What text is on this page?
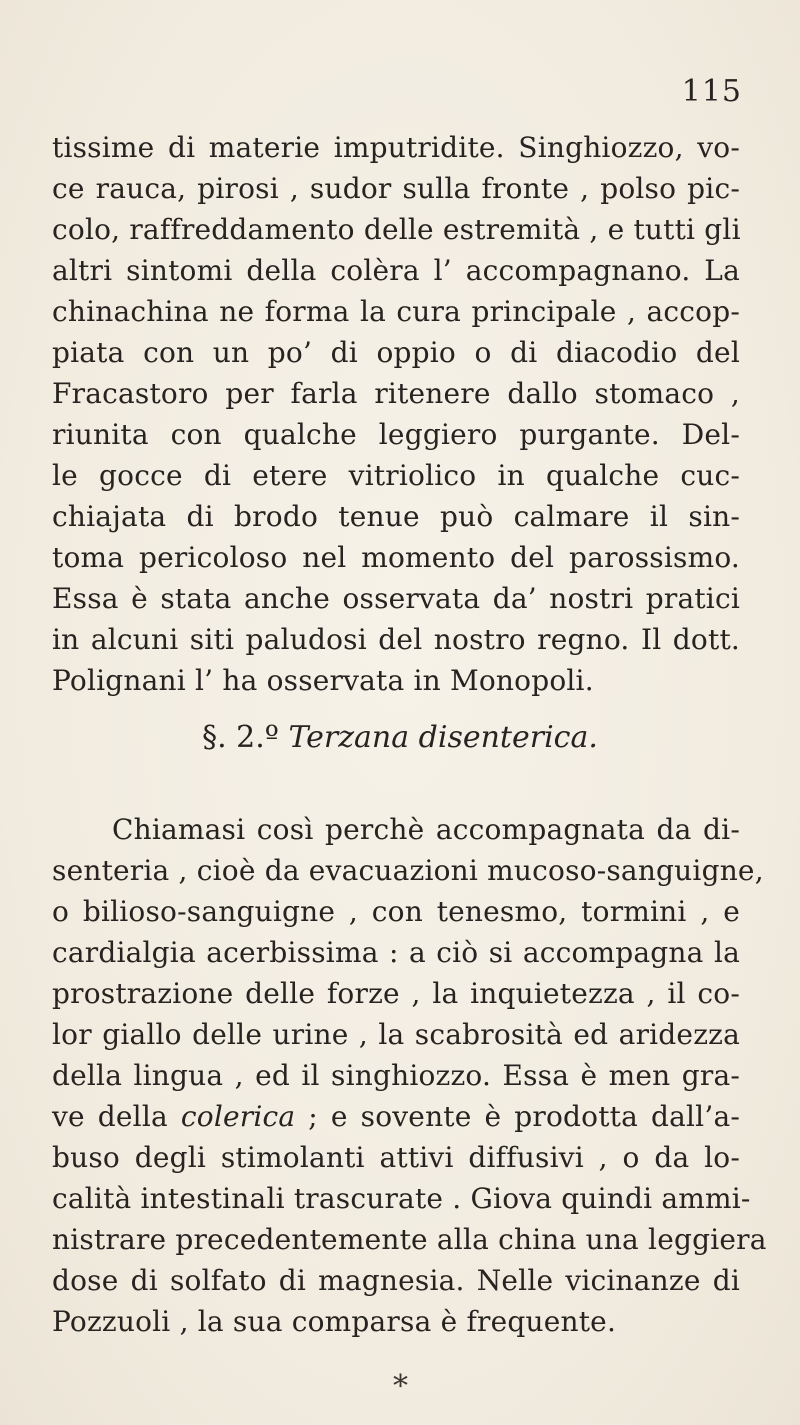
115
tissime di materie imputridite. Singhiozzo, vo-
ce rauca, pirosi , sudor sulla fronte , polso pic-
colo, raffreddamento delle estremità , e tutti gli
altri sintomi della colèra l’ accompagnano. La
chinachina ne forma la cura principale , accop-
piata con un po’ di oppio o di diacodio del
Fracastoro per farla ritenere dallo stomaco ,
riunita con qualche leggiero purgante. Del-
le gocce di etere vitriolico in qualche cuc-
chiajata di brodo tenue può calmare il sin-
toma pericoloso nel momento del parossismo.
Essa è stata anche osservata da’ nostri pratici
in alcuni siti paludosi del nostro regno. Il dott.
Polignani l’ ha osservata in Monopoli.
§. 2.º Terzana disenterica.
Chiamasi così perchè accompagnata da di-
senteria , cioè da evacuazioni mucoso-sanguigne,
o bilioso-sanguigne , con tenesmo, tormini , e
cardialgia acerbissima : a ciò si accompagna la
prostrazione delle forze , la inquietezza , il co-
lor giallo delle urine , la scabrosità ed aridezza
della lingua , ed il singhiozzo. Essa è men gra-
ve della colerica ; e sovente è prodotta dall’a-
buso degli stimolanti attivi diffusivi , o da lo-
calità intestinali trascurate . Giova quindi ammi-
nistrare precedentemente alla china una leggiera
dose di solfato di magnesia. Nelle vicinanze di
Pozzuoli , la sua comparsa è frequente.
*
